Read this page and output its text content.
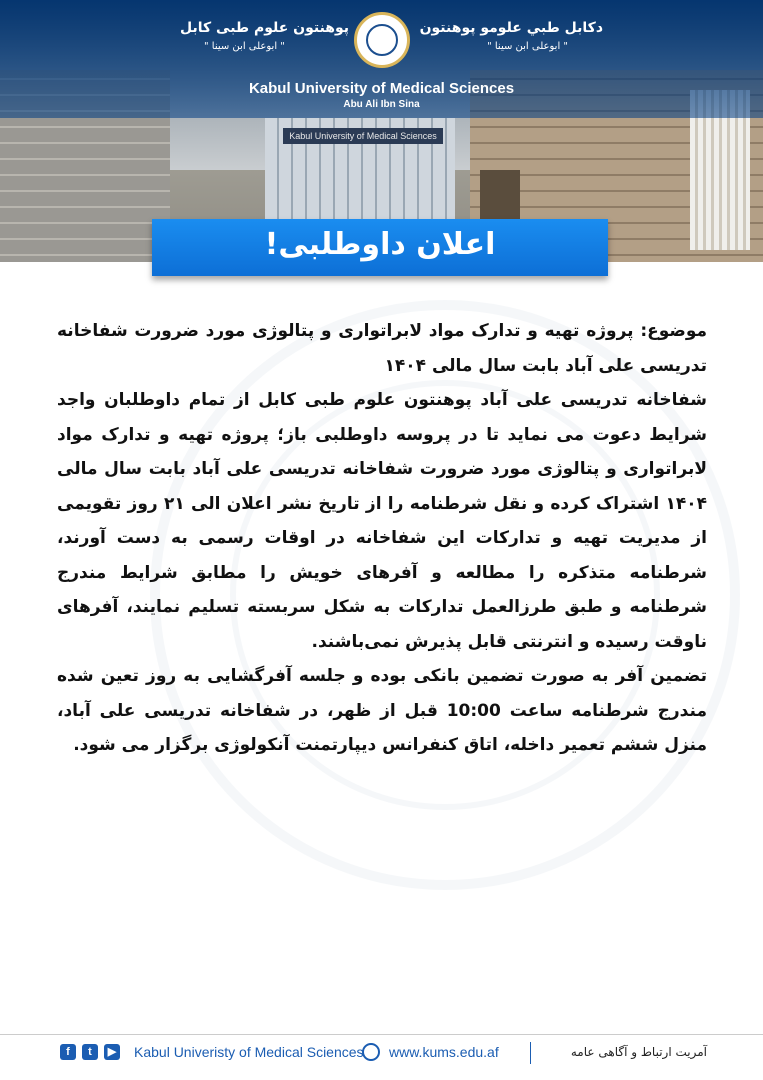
Kabul University of Medical Sciences
دکابل طبي علومو پوهنتون
" ابوعلی ابن سینا "
پوهنتون علوم طبی کابل
" ابوعلی ابن سینا "
Kabul University of Medical Sciences
Abu Ali Ibn Sina
اعلان داوطلبی!

موضوع: پروژه تهیه و تدارک مواد لابراتواری و پتالوژی مورد ضرورت شفاخانه تدریسی علی آباد بابت سال مالی ۱۴۰۴

شفاخانه تدریسی علی آباد پوهنتون علوم طبی کابل از تمام داوطلبان واجد شرایط دعوت می نماید تا در پروسه داوطلبی باز؛ پروژه تهیه و تدارک مواد لابراتواری و پتالوژی مورد ضرورت شفاخانه تدریسی علی آباد بابت سال مالی ۱۴۰۴ اشتراک کرده و نقل شرطنامه را از تاریخ نشر اعلان الی ۲۱ روز تقویمی از مدیریت تهیه و تدارکات این شفاخانه در اوقات رسمی به دست آورند، شرطنامه متذکره را مطالعه و آفرهای خویش را مطابق شرایط مندرج شرطنامه و طبق طرزالعمل تدارکات به شکل سربسته تسلیم نمایند، آفرهای ناوقت رسیده و انترنتی قابل پذیرش نمی‌باشند.

تضمین آفر به صورت تضمین بانکی بوده و جلسه آفرگشایی به روز تعین شده مندرج شرطنامه ساعت 10:00 قبل از ظهر، در شفاخانه تدریسی علی آباد، منزل ششم تعمیر داخله، اتاق کنفرانس دیپارتمنت آنکولوژی برگزار می شود.

f	t	▶ Kabul Univeristy of Medical Sciences www.kums.edu.af	آمریت ارتباط و آگاهی عامه
